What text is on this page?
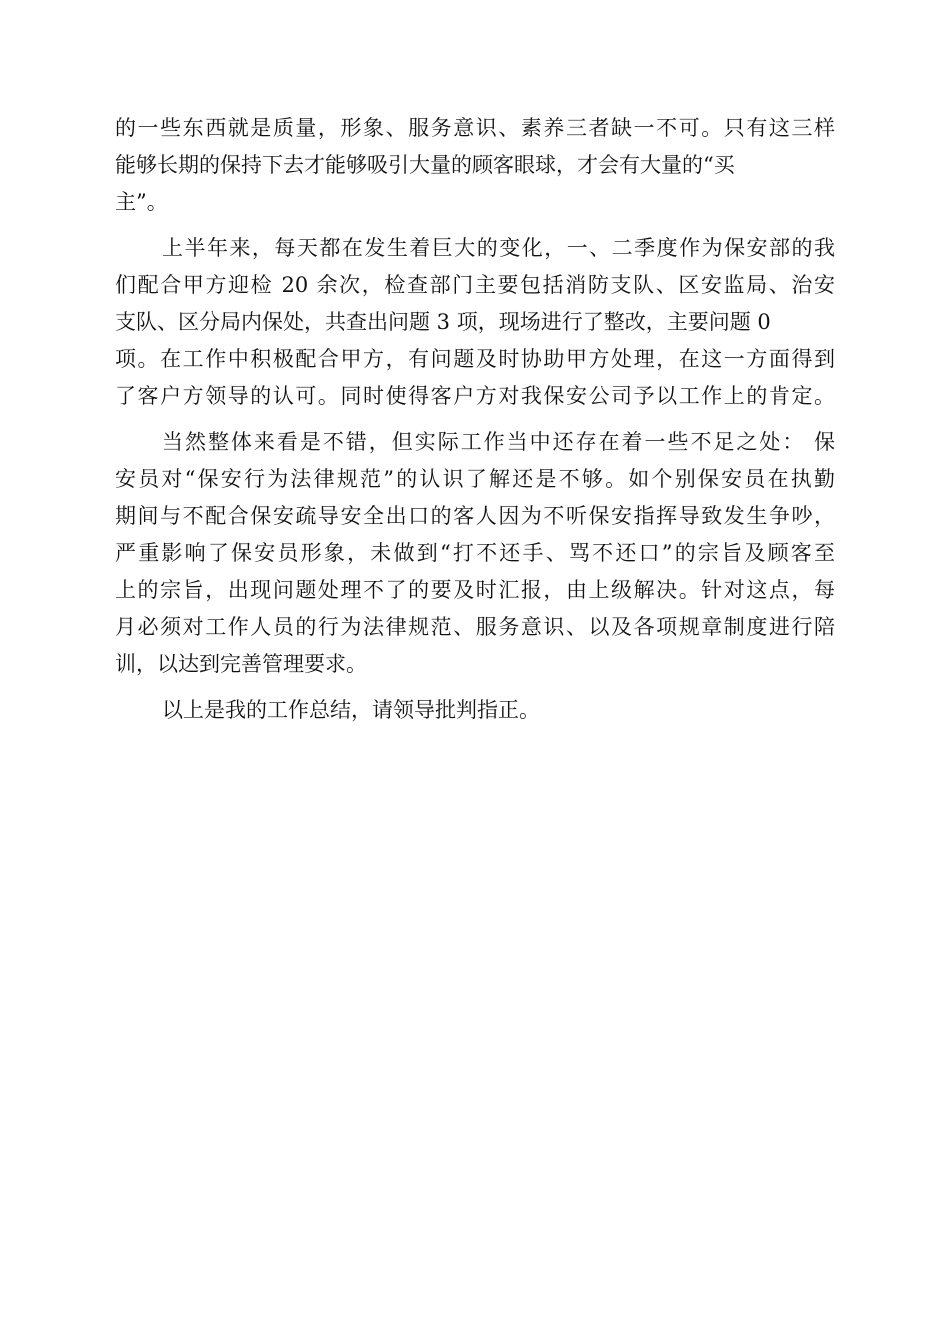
的一些东西就是质量，形象、服务意识、素养三者缺一不可。只有这三样
能够长期的保持下去才能够吸引大量的顾客眼球，才会有大量的“买
主”。
上半年来，每天都在发生着巨大的变化，一、二季度作为保安部的我
们配合甲方迎检 20 余次，检查部门主要包括消防支队、区安监局、治安
支队、区分局内保处，共查出问题 3 项，现场进行了整改，主要问题 0
项。在工作中积极配合甲方，有问题及时协助甲方处理，在这一方面得到
了客户方领导的认可。同时使得客户方对我保安公司予以工作上的肯定。
当然整体来看是不错，但实际工作当中还存在着一些不足之处： 保
安员对“保安行为法律规范”的认识了解还是不够。如个别保安员在执勤
期间与不配合保安疏导安全出口的客人因为不听保安指挥导致发生争吵，
严重影响了保安员形象，未做到“打不还手、骂不还口”的宗旨及顾客至
上的宗旨，出现问题处理不了的要及时汇报，由上级解决。针对这点，每
月必须对工作人员的行为法律规范、服务意识、以及各项规章制度进行陪
训，以达到完善管理要求。
以上是我的工作总结，请领导批判指正。
